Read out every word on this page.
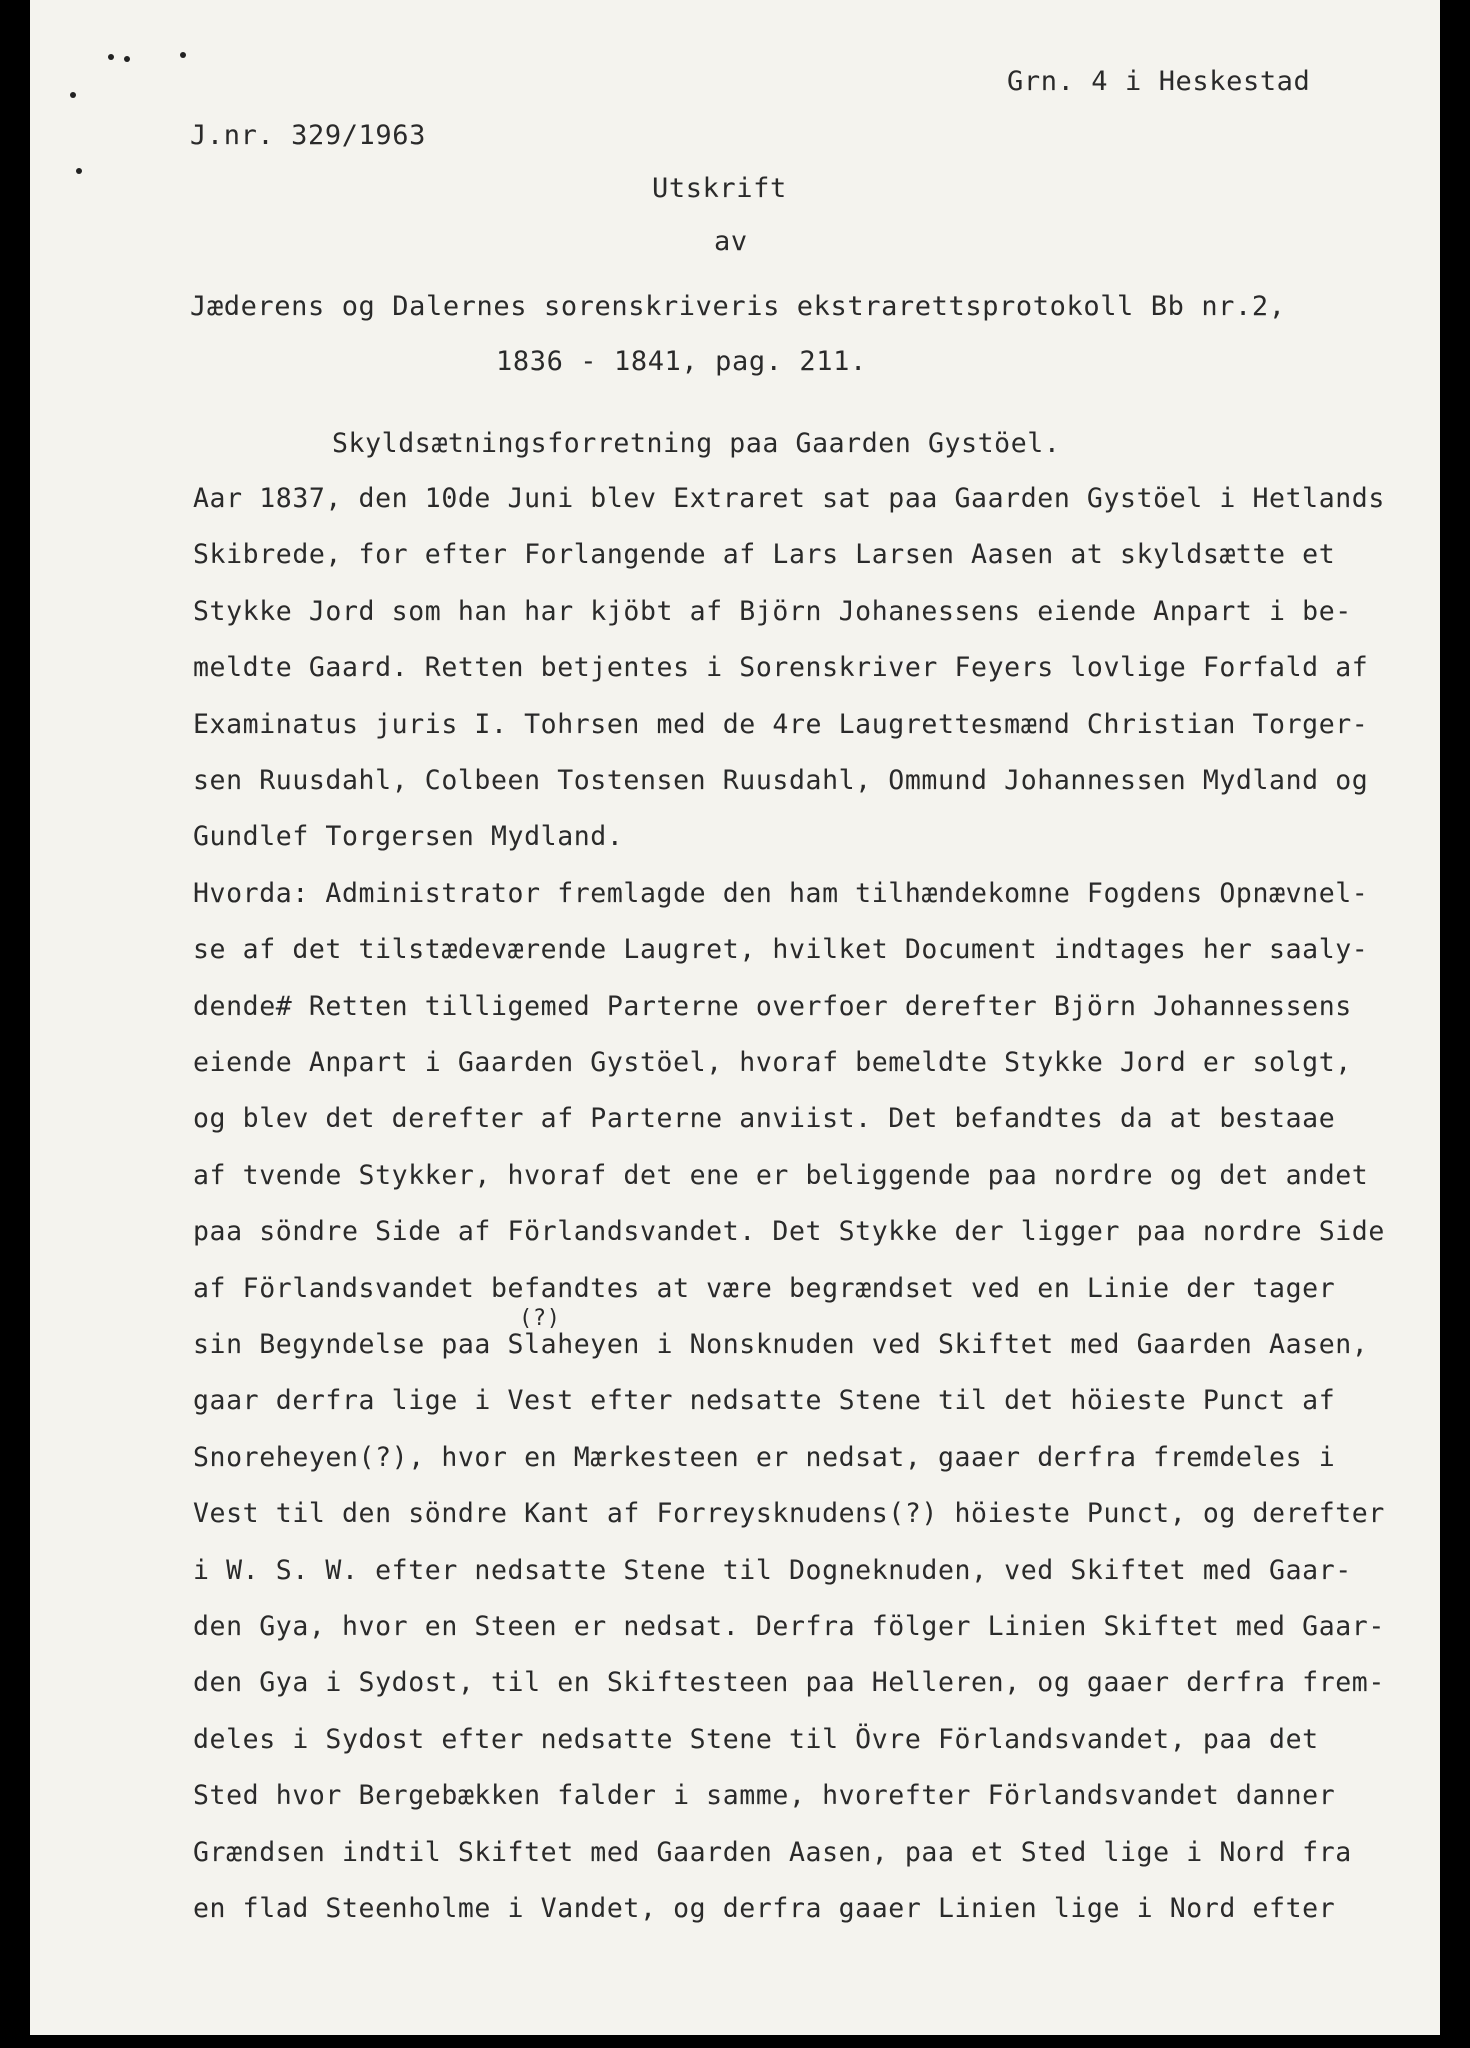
Grn. 4 i Heskestad
J.nr. 329/1963
Utskrift
av
Jæderens og Dalernes sorenskriveris ekstrarettsprotokoll Bb nr.2,
1836 - 1841, pag. 211.
Skyldsætningsforretning paa Gaarden Gystöel.
(?)
Aar 1837, den 10de Juni blev Extraret sat paa Gaarden Gystöel i Hetlands
Skibrede, for efter Forlangende af Lars Larsen Aasen at skyldsætte et
Stykke Jord som han har kjöbt af Björn Johanessens eiende Anpart i be-
meldte Gaard. Retten betjentes i Sorenskriver Feyers lovlige Forfald af
Examinatus juris I. Tohrsen med de 4re Laugrettesmænd Christian Torger-
sen Ruusdahl, Colbeen Tostensen Ruusdahl, Ommund Johannessen Mydland og
Gundlef Torgersen Mydland.
Hvorda: Administrator fremlagde den ham tilhændekomne Fogdens Opnævnel-
se af det tilstædeværende Laugret, hvilket Document indtages her saaly-
dende# Retten tilligemed Parterne overfoer derefter Björn Johannessens
eiende Anpart i Gaarden Gystöel, hvoraf bemeldte Stykke Jord er solgt,
og blev det derefter af Parterne anviist. Det befandtes da at bestaae
af tvende Stykker, hvoraf det ene er beliggende paa nordre og det andet
paa söndre Side af Förlandsvandet. Det Stykke der ligger paa nordre Side
af Förlandsvandet befandtes at være begrændset ved en Linie der tager
sin Begyndelse paa Slaheyen i Nonsknuden ved Skiftet med Gaarden Aasen,
gaar derfra lige i Vest efter nedsatte Stene til det höieste Punct af
Snoreheyen(?), hvor en Mærkesteen er nedsat, gaaer derfra fremdeles i
Vest til den söndre Kant af Forreysknudens(?) höieste Punct, og derefter
i W. S. W. efter nedsatte Stene til Dogneknuden, ved Skiftet med Gaar-
den Gya, hvor en Steen er nedsat. Derfra fölger Linien Skiftet med Gaar-
den Gya i Sydost, til en Skiftesteen paa Helleren, og gaaer derfra frem-
deles i Sydost efter nedsatte Stene til Övre Förlandsvandet, paa det
Sted hvor Bergebækken falder i samme, hvorefter Förlandsvandet danner
Grændsen indtil Skiftet med Gaarden Aasen, paa et Sted lige i Nord fra
en flad Steenholme i Vandet, og derfra gaaer Linien lige i Nord efter
